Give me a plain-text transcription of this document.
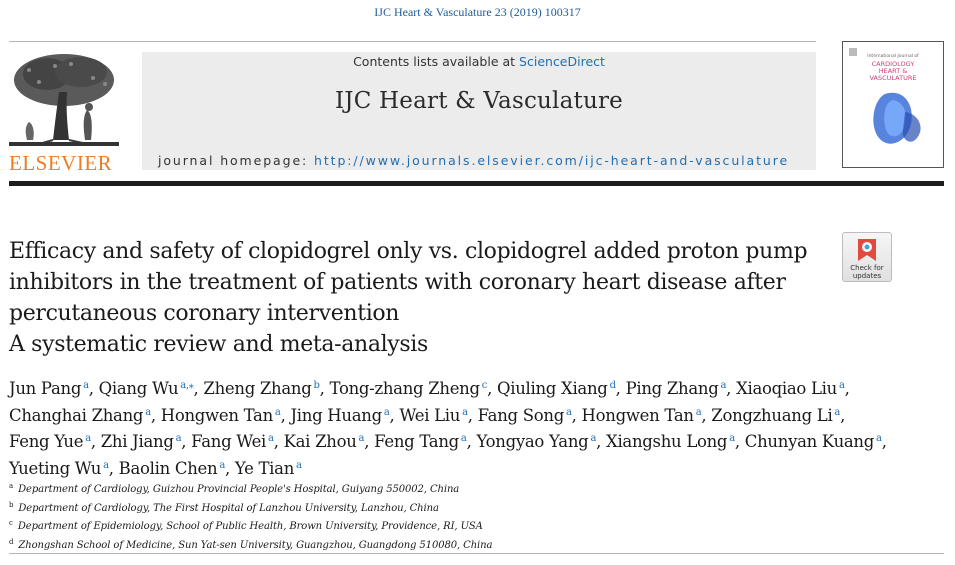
IJC Heart & Vasculature 23 (2019) 100317
ELSEVIER
Contents lists available at ScienceDirect
IJC Heart & Vasculature
journal homepage: http://www.journals.elsevier.com/ijc-heart-and-vasculature
International Journal of
CARDIOLOGY
HEART &
VASCULATURE
Efficacy and safety of clopidogrel only vs. clopidogrel added proton pump
inhibitors in the treatment of patients with coronary heart disease after
percutaneous coronary intervention
A systematic review and meta-analysis
Check for
updates
Jun Pang $^a$, Qiang Wu $^{a,⁎}$, Zheng Zhang $^b$, Tong-zhang Zheng $^c$, Qiuling Xiang $^d$, Ping Zhang $^a$, Xiaoqiao Liu $^a$,
Changhai Zhang $^a$, Hongwen Tan $^a$, Jing Huang $^a$, Wei Liu $^a$, Fang Song $^a$, Hongwen Tan $^a$, Zongzhuang Li $^a$,
Feng Yue $^a$, Zhi Jiang $^a$, Fang Wei $^a$, Kai Zhou $^a$, Feng Tang $^a$, Yongyao Yang $^a$, Xiangshu Long $^a$, Chunyan Kuang $^a$,
Yueting Wu $^a$, Baolin Chen $^a$, Ye Tian $^a$
$^a$ Department of Cardiology, Guizhou Provincial People's Hospital, Guiyang 550002, China
$^b$ Department of Cardiology, The First Hospital of Lanzhou University, Lanzhou, China
$^c$ Department of Epidemiology, School of Public Health, Brown University, Providence, RI, USA
$^d$ Zhongshan School of Medicine, Sun Yat-sen University, Guangzhou, Guangdong 510080, China
